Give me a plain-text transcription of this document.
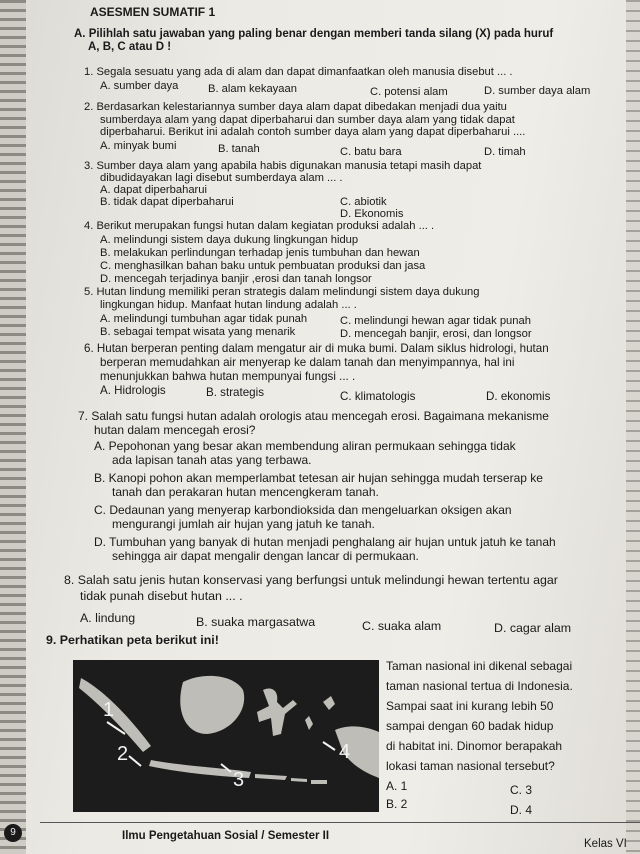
ASESMEN SUMATIF 1
A. Pilihlah satu jawaban yang paling benar dengan memberi tanda silang (X) pada huruf
A, B, C atau D !
1. Segala sesuatu yang ada di alam dan dapat dimanfaatkan oleh manusia disebut ... .
A. sumber daya	B. alam kekayaan	C. potensi alam	D. sumber daya alam
2. Berdasarkan kelestariannya sumber daya alam dapat dibedakan menjadi dua yaitu
sumberdaya alam yang dapat diperbaharui dan sumber daya alam yang tidak dapat
diperbaharui. Berikut ini adalah contoh sumber daya alam yang dapat diperbaharui ....
A. minyak bumi	B. tanah	C. batu bara	D. timah
3. Sumber daya alam yang apabila habis digunakan manusia tetapi masih dapat
dibudidayakan lagi disebut sumberdaya alam ... .
A. dapat diperbaharui
B. tidak dapat diperbaharui	C. abiotik
D. Ekonomis
4. Berikut merupakan fungsi hutan dalam kegiatan produksi adalah ... .
A. melindungi sistem daya dukung lingkungan hidup
B. melakukan perlindungan terhadap jenis tumbuhan dan hewan
C. menghasilkan bahan baku untuk pembuatan produksi dan jasa
D. mencegah terjadinya banjir ,erosi dan tanah longsor
5. Hutan lindung memiliki peran strategis dalam melindungi sistem daya dukung
lingkungan hidup. Manfaat hutan lindung adalah ... .
A. melindungi tumbuhan agar tidak punah
B. sebagai tempat wisata yang menarik
C. melindungi hewan agar tidak punah
D. mencegah banjir, erosi, dan longsor
6. Hutan berperan penting dalam mengatur air di muka bumi. Dalam siklus hidrologi, hutan
berperan memudahkan air menyerap ke dalam tanah dan menyimpannya, hal ini
menunjukkan bahwa hutan mempunyai fungsi ... .
A. Hidrologis	B. strategis	C. klimatologis	D. ekonomis
7. Salah satu fungsi hutan adalah orologis atau mencegah erosi. Bagaimana mekanisme
hutan dalam mencegah erosi?
A. Pepohonan yang besar akan membendung aliran permukaan sehingga tidak
ada lapisan tanah atas yang terbawa.
B. Kanopi pohon akan memperlambat tetesan air hujan sehingga mudah terserap ke
tanah dan perakaran hutan mencengkeram tanah.
C. Dedaunan yang menyerap karbondioksida dan mengeluarkan oksigen akan
mengurangi jumlah air hujan yang jatuh ke tanah.
D. Tumbuhan yang banyak di hutan menjadi penghalang air hujan untuk jatuh ke tanah
sehingga air dapat mengalir dengan lancar di permukaan.
8. Salah satu jenis hutan konservasi yang berfungsi untuk melindungi hewan tertentu agar
tidak punah disebut hutan ... .
A. lindung	B. suaka margasatwa	C. suaka alam	D. cagar alam
9. Perhatikan peta berikut ini!
1
2
3
4
Taman nasional ini dikenal sebagai
taman nasional tertua di Indonesia.
Sampai saat ini kurang lebih 50
sampai dengan 60 badak hidup
di habitat ini. Dinomor berapakah
lokasi taman nasional tersebut?
A. 1
B. 2
C. 3
D. 4
9	Ilmu Pengetahuan Sosial / Semester II
Kelas VI
